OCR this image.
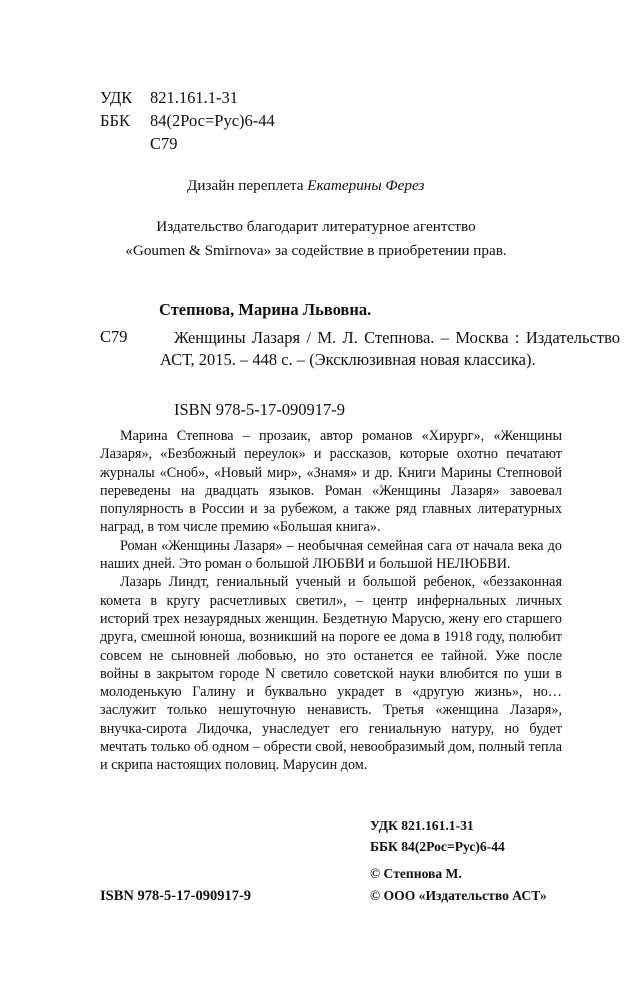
УДК 821.161.1-31
ББК 84(2Рос=Рус)6-44
С79
Дизайн переплета Екатерины Ферез
Издательство благодарит литературное агентство
«Goumen & Smirnova» за содействие в приобретении прав.
Степнова, Марина Львовна.
С79	Женщины Лазаря / М. Л. Степнова. – Москва : Издательство АСТ, 2015. – 448 с. – (Эксклюзивная новая классика).
ISBN 978-5-17-090917-9

Марина Степнова – прозаик, автор романов «Хирург», «Женщины Лазаря», «Безбожный переулок» и рассказов, которые охотно печатают журналы «Сноб», «Новый мир», «Знамя» и др. Книги Марины Степновой переведены на двадцать языков. Роман «Женщины Лазаря» завоевал популярность в России и за рубежом, а также ряд главных литературных наград, в том числе премию «Большая книга».

Роман «Женщины Лазаря» – необычная семейная сага от начала века до наших дней. Это роман о большой ЛЮБВИ и большой НЕЛЮБВИ.

Лазарь Линдт, гениальный ученый и большой ребенок, «беззаконная комета в кругу расчетливых светил», – центр инфернальных личных историй трех незаурядных женщин. Бездетную Марусю, жену его старшего друга, смешной юноша, возникший на пороге ее дома в 1918 году, полюбит совсем не сыновней любовью, но это останется ее тайной. Уже после войны в закрытом городе N светило советской науки влюбится по уши в молоденькую Галину и буквально украдет в «другую жизнь», но… заслужит только нешуточную ненависть. Третья «женщина Лазаря», внучка-сирота Лидочка, унаследует его гениальную натуру, но будет мечтать только об одном – обрести свой, невообразимый дом, полный тепла и скрипа настоящих половиц. Марусин дом.

УДК 821.161.1-31
ББК 84(2Рос=Рус)6-44
© Степнова М.
ISBN 978-5-17-090917-9	© ООО «Издательство АСТ»
